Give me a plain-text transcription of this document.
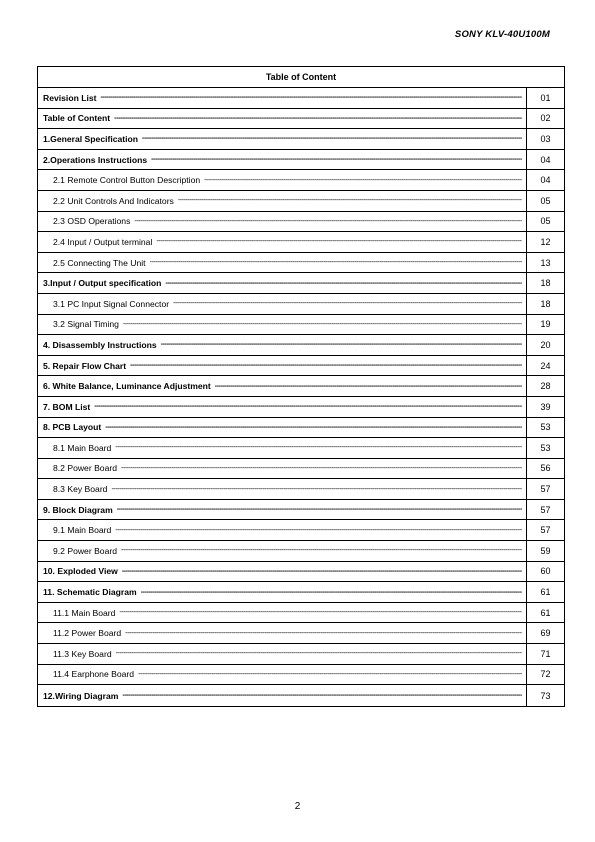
SONY KLV-40U100M
Table of Content
Revision List -----	01
Table of Content -----	02
1.General Specification -----	03
2.Operations Instructions -----	04
2.1 Remote Control Button Description -----	04
2.2 Unit Controls And Indicators -----	05
2.3 OSD Operations -----	05
2.4 Input / Output terminal -----	12
2.5 Connecting The Unit -----	13
3.Input / Output specification -----	18
3.1 PC Input Signal Connector -----	18
3.2 Signal Timing -----	19
4. Disassembly Instructions -----	20
5. Repair Flow Chart -----	24
6. White Balance, Luminance Adjustment -----	28
7. BOM List -----	39
8. PCB Layout -----	53
8.1 Main Board -----	53
8.2 Power Board -----	56
8.3 Key Board -----	57
9. Block Diagram -----	57
9.1 Main Board -----	57
9.2 Power Board -----	59
10. Exploded View -----	60
11. Schematic Diagram -----	61
11.1 Main Board -----	61
11.2 Power Board -----	69
11.3 Key Board -----	71
11.4 Earphone Board -----	72
12.Wiring Diagram -----	73
2
